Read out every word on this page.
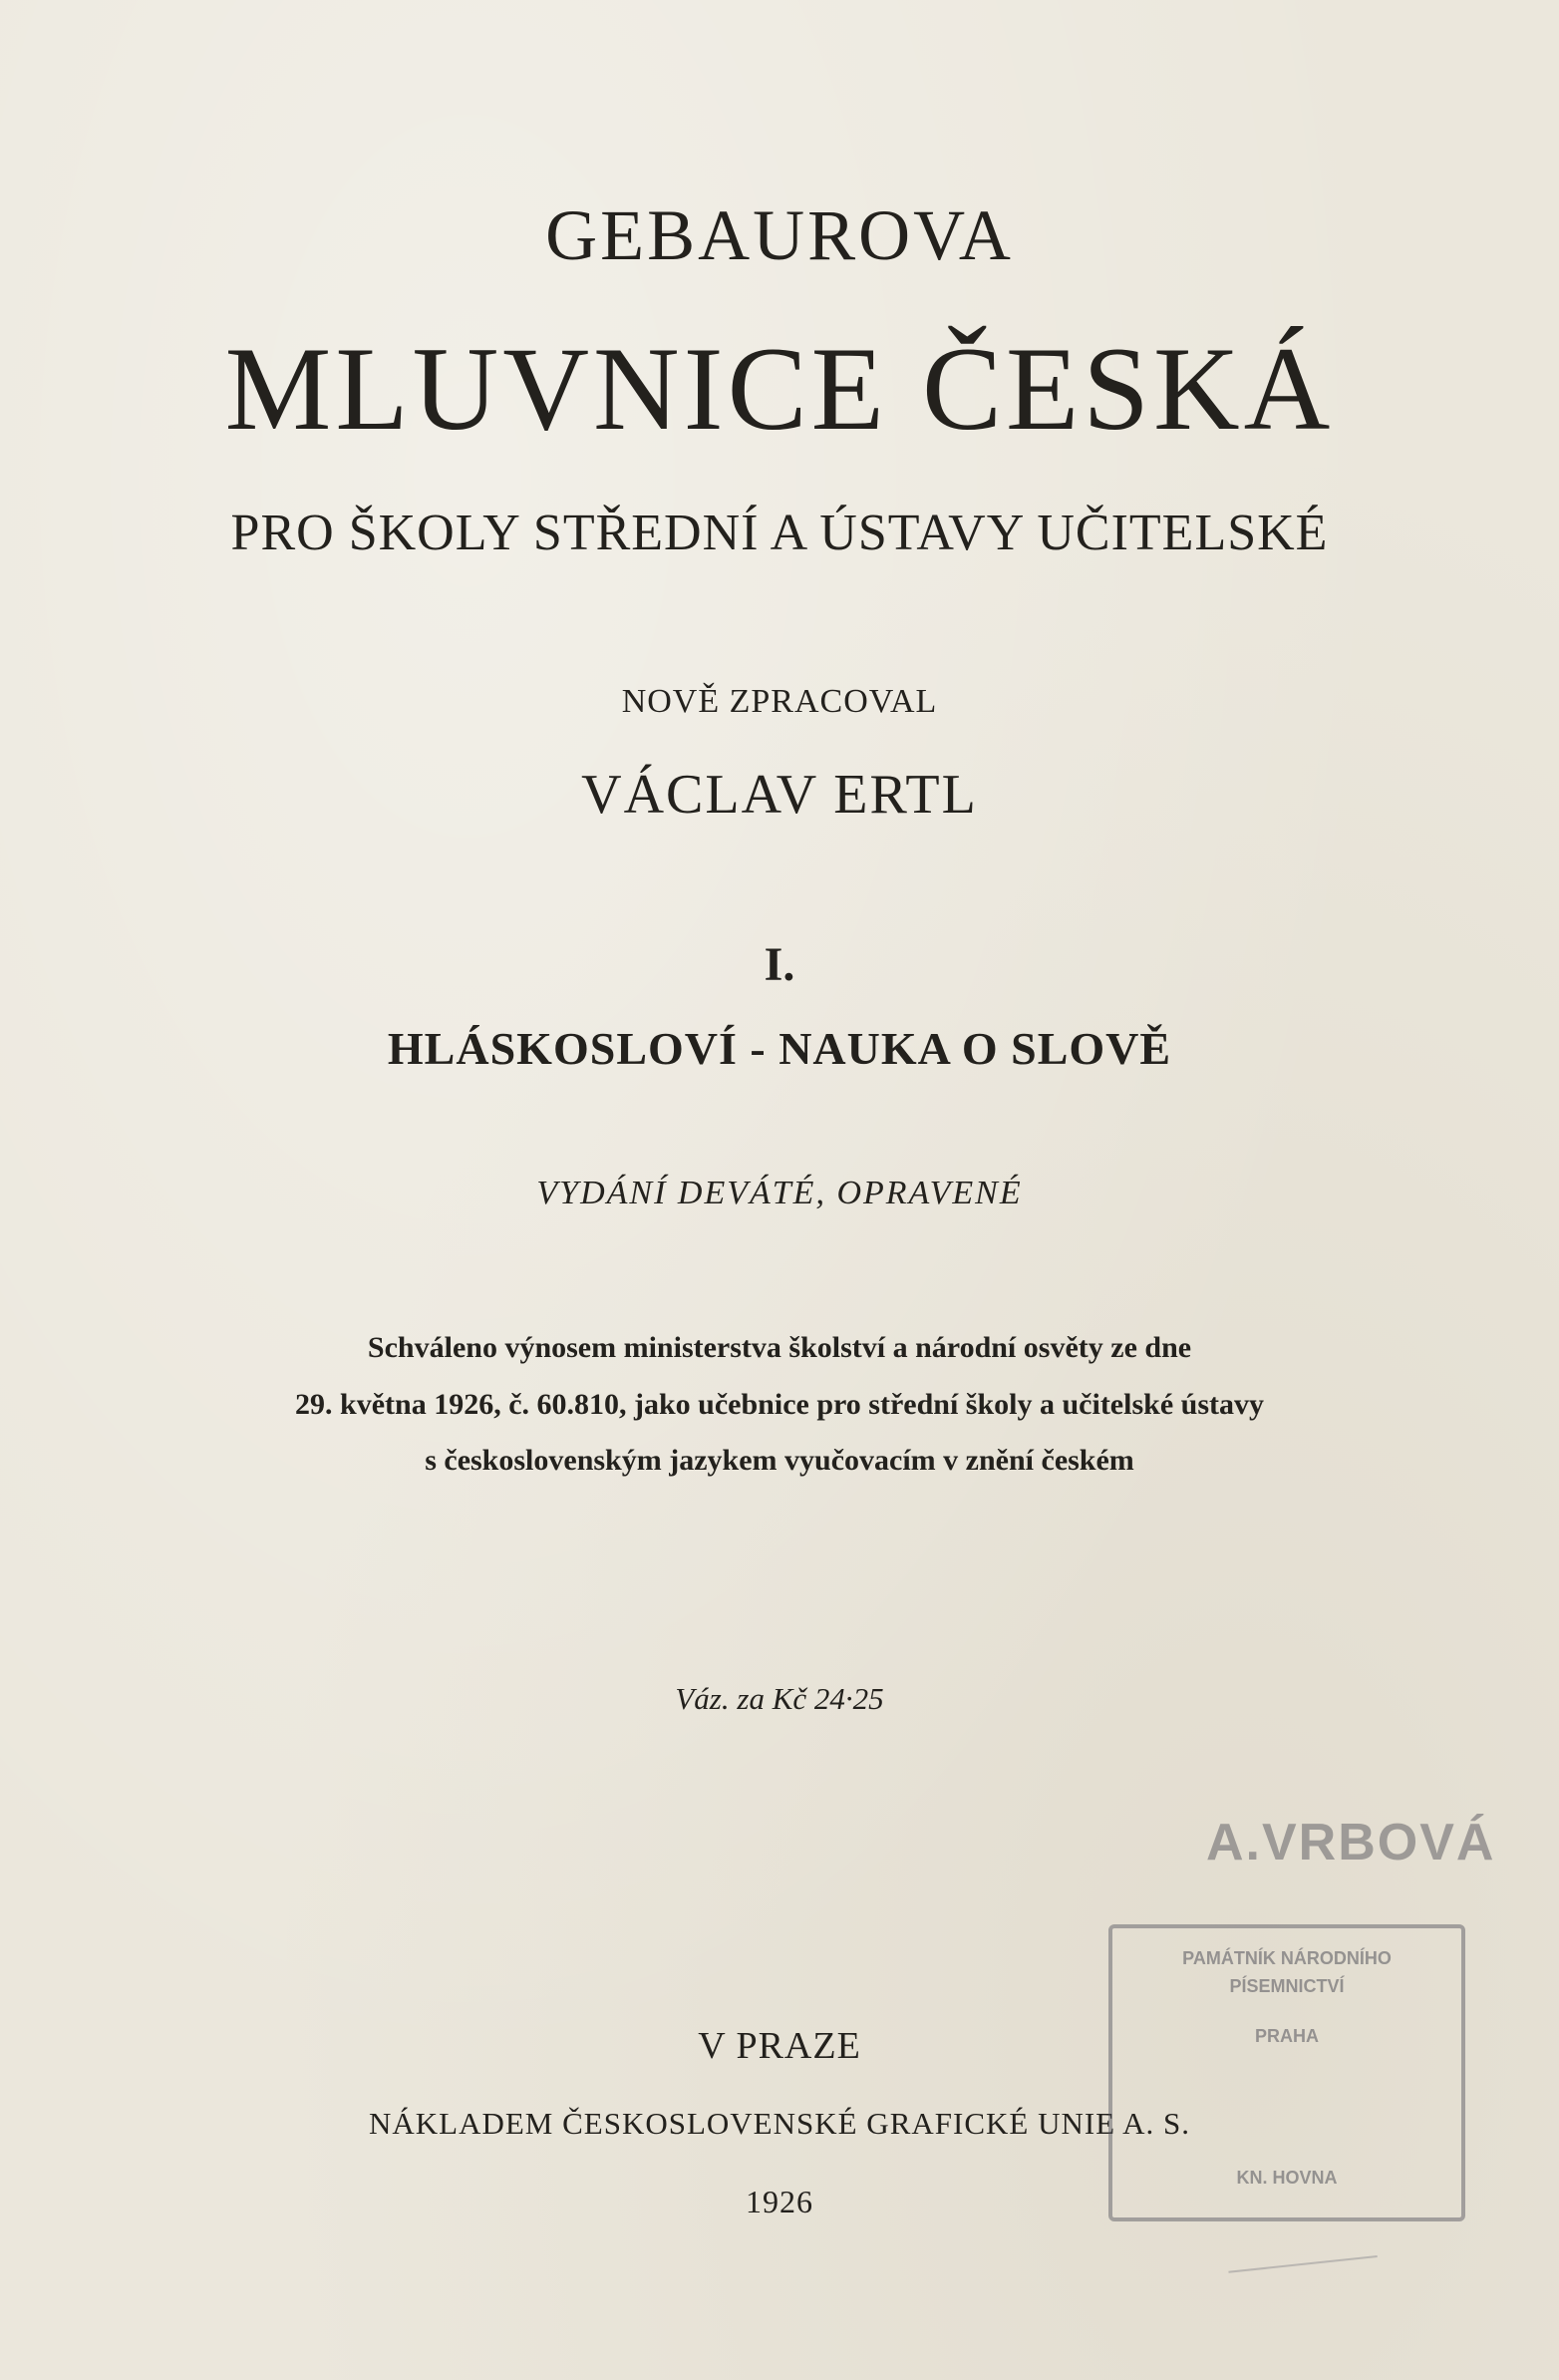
GEBAUROVA
MLUVNICE ČESKÁ
PRO ŠKOLY STŘEDNÍ A ÚSTAVY UČITELSKÉ
NOVĚ ZPRACOVAL
VÁCLAV ERTL
I.
HLÁSKOSLOVÍ - NAUKA O SLOVĚ
VYDÁNÍ DEVÁTÉ, OPRAVENÉ
Schváleno výnosem ministerstva školství a národní osvěty ze dne
29. května 1926, č. 60.810, jako učebnice pro střední školy a učitelské ústavy
s československým jazykem vyučovacím v znění českém
Váz. za Kč 24·25
V PRAZE
NÁKLADEM ČESKOSLOVENSKÉ GRAFICKÉ UNIE A. S.
1926
A.VRBOVÁ
PAMÁTNÍK NÁRODNÍHO
PÍSEMNICTVÍ
PRAHA
KN. HOVNA
